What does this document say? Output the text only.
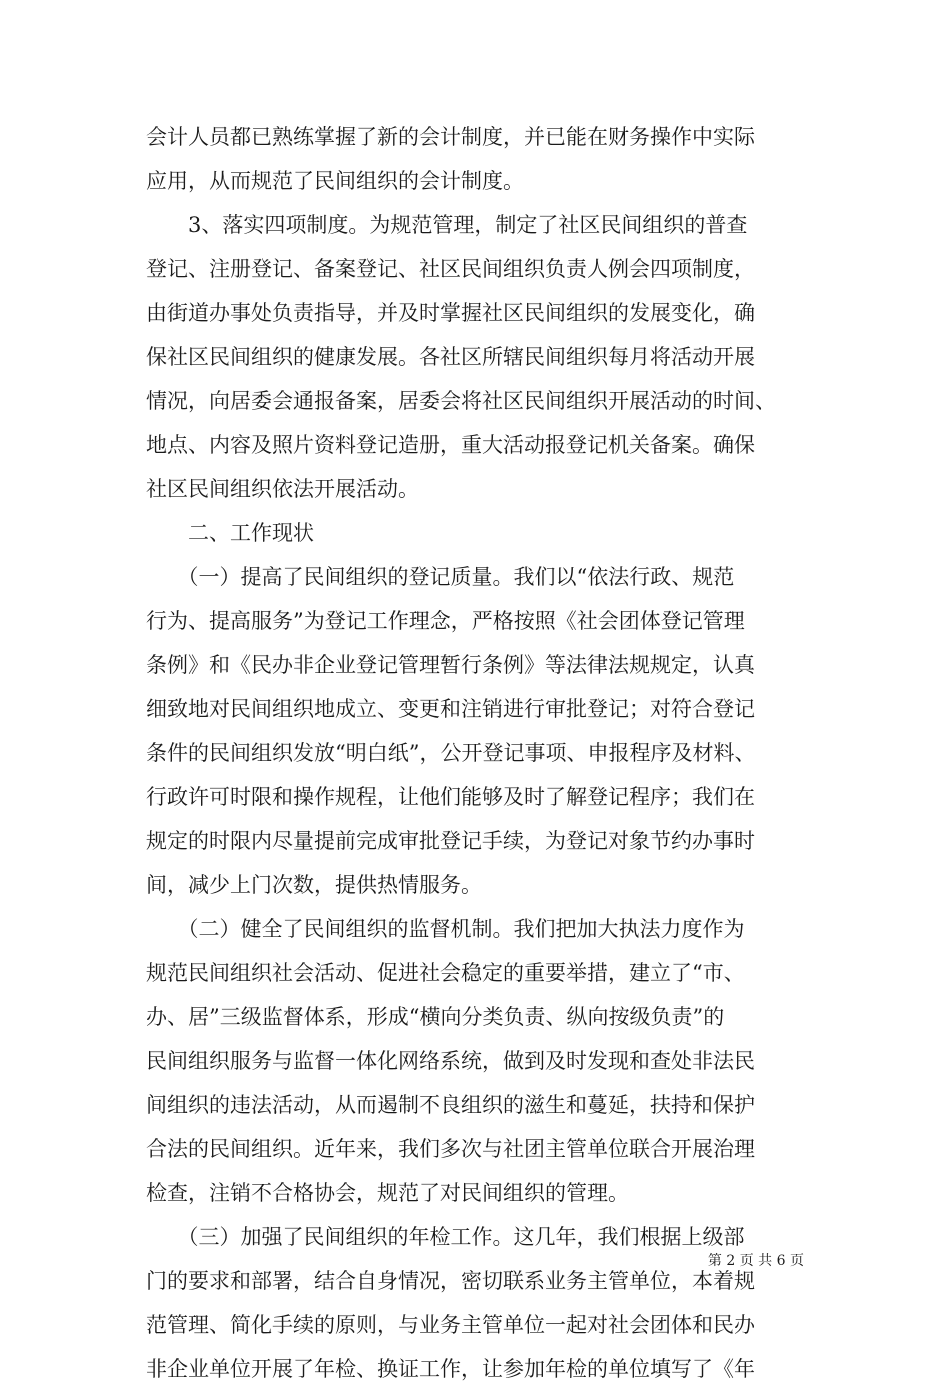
会计人员都已熟练掌握了新的会计制度，并已能在财务操作中实际
应用，从而规范了民间组织的会计制度。
　　3、落实四项制度。为规范管理，制定了社区民间组织的普查
登记、注册登记、备案登记、社区民间组织负责人例会四项制度，
由街道办事处负责指导，并及时掌握社区民间组织的发展变化，确
保社区民间组织的健康发展。各社区所辖民间组织每月将活动开展
情况，向居委会通报备案，居委会将社区民间组织开展活动的时间、
地点、内容及照片资料登记造册，重大活动报登记机关备案。确保
社区民间组织依法开展活动。
　　二、工作现状
　　（一）提高了民间组织的登记质量。我们以“依法行政、规范
行为、提高服务”为登记工作理念，严格按照《社会团体登记管理
条例》和《民办非企业登记管理暂行条例》等法律法规规定，认真
细致地对民间组织地成立、变更和注销进行审批登记；对符合登记
条件的民间组织发放“明白纸”，公开登记事项、申报程序及材料、
行政许可时限和操作规程，让他们能够及时了解登记程序；我们在
规定的时限内尽量提前完成审批登记手续，为登记对象节约办事时
间，减少上门次数，提供热情服务。
　　（二）健全了民间组织的监督机制。我们把加大执法力度作为
规范民间组织社会活动、促进社会稳定的重要举措，建立了“市、
办、居”三级监督体系，形成“横向分类负责、纵向按级负责”的
民间组织服务与监督一体化网络系统，做到及时发现和查处非法民
间组织的违法活动，从而遏制不良组织的滋生和蔓延，扶持和保护
合法的民间组织。近年来，我们多次与社团主管单位联合开展治理
检查，注销不合格协会，规范了对民间组织的管理。
　　（三）加强了民间组织的年检工作。这几年，我们根据上级部
门的要求和部署，结合自身情况，密切联系业务主管单位，本着规
范管理、简化手续的原则，与业务主管单位一起对社会团体和民办
非企业单位开展了年检、换证工作，让参加年检的单位填写了《年
第 2 页 共 6 页
